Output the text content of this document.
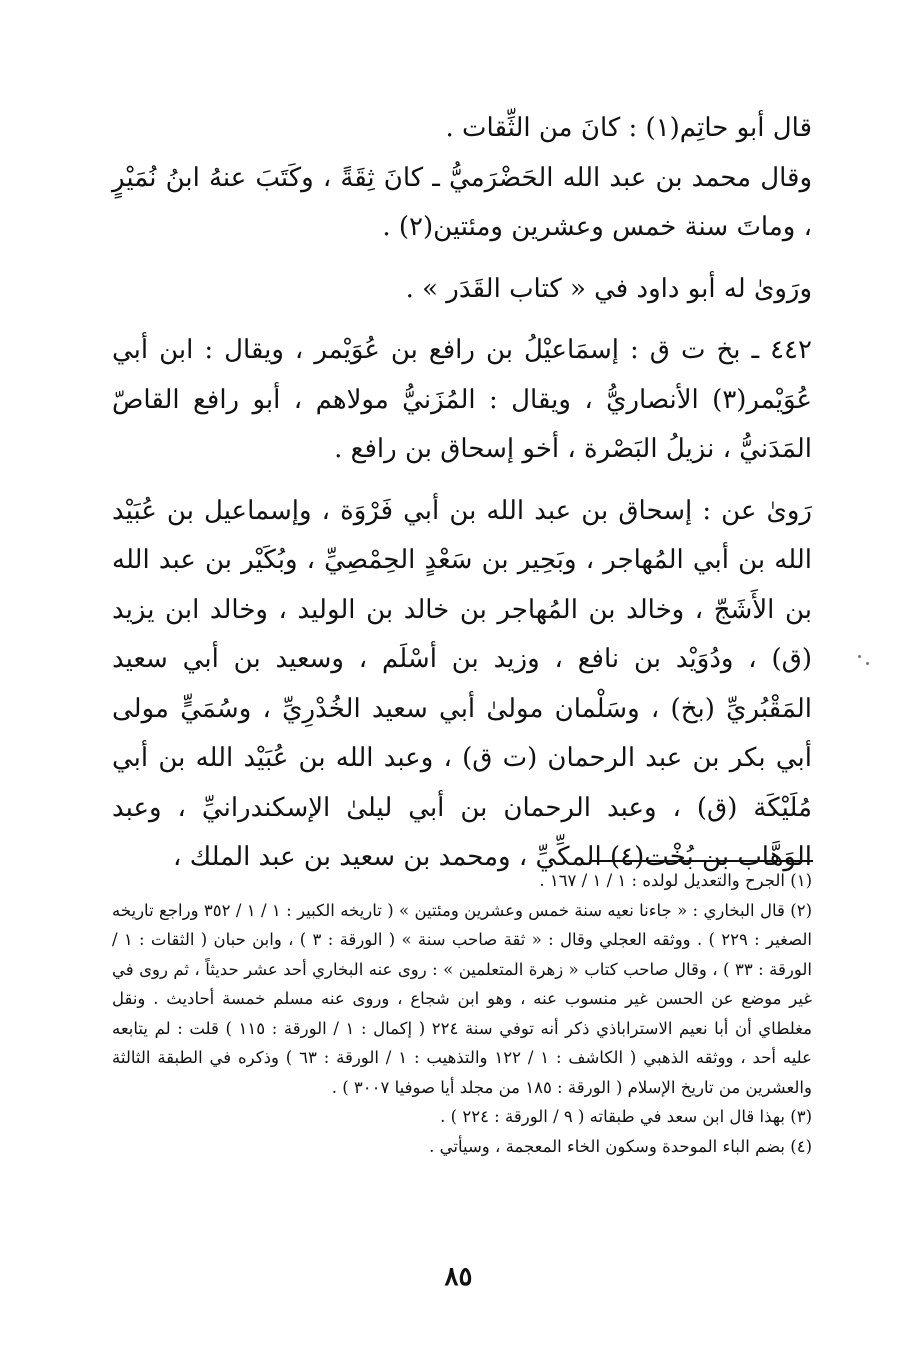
قال أبو حاتِم(١) : كانَ من الثِّقات .

وقال محمد بن عبد الله الحَضْرَميُّ ـ كانَ ثِقَةً ، وكَتَبَ عنهُ ابنُ نُمَيْرٍ ، وماتَ سنة خمس وعشرين ومئتين(٢) .

ورَوىٰ له أبو داود في « كتاب القَدَر » .

٤٤٢ ـ بخ ت ق : إسمَاعيْلُ بن رافع بن عُوَيْمر ، ويقال : ابن أبي عُوَيْمر(٣) الأنصاريُّ ، ويقال : المُزَنيُّ مولاهم ، أبو رافع القاصّ المَدَنيُّ ، نزيلُ البَصْرة ، أخو إسحاق بن رافع .

رَوىٰ عن : إسحاق بن عبد الله بن أبي فَرْوَة ، وإسماعيل بن عُبَيْد الله بن أبي المُهاجر ، وبَحِير بن سَعْدٍ الحِمْصِيِّ ، وبُكَيْر بن عبد الله بن الأَشَجّ ، وخالد بن المُهاجر بن خالد بن الوليد ، وخالد ابن يزيد (ق) ، ودُوَيْد بن نافع ، وزيد بن أسْلَم ، وسعيد بن أبي سعيد المَقْبُريِّ (بخ) ، وسَلْمان مولىٰ أبي سعيد الخُدْرِيِّ ، وسُمَيٍّ مولى أبي بكر بن عبد الرحمان (ت ق) ، وعبد الله بن عُبَيْد الله بن أبي مُلَيْكَة (ق) ، وعبد الرحمان بن أبي ليلىٰ الإسكندرانيِّ ، وعبد الوَهَّاب بن بُخْت(٤) المكِّيِّ ، ومحمد بن سعيد بن عبد الملك ،

(١) الجرح والتعديل لولده : ١ / ١ / ١٦٧ .

(٢) قال البخاري : « جاءنا نعيه سنة خمس وعشرين ومئتين » ( تاريخه الكبير : ١ / ١ / ٣٥٢ وراجع تاريخه الصغير : ٢٢٩ ) . ووثقه العجلي وقال : « ثقة صاحب سنة » ( الورقة : ٣ ) ، وابن حبان ( الثقات : ١ / الورقة : ٣٣ ) ، وقال صاحب كتاب « زهرة المتعلمين » : روى عنه البخاري أحد عشر حديثاً ، ثم روى في غير موضع عن الحسن غير منسوب عنه ، وهو ابن شجاع ، وروى عنه مسلم خمسة أحاديث . ونقل مغلطاي أن أبا نعيم الاستراباذي ذكر أنه توفي سنة ٢٢٤ ( إكمال : ١ / الورقة : ١١٥ ) قلت : لم يتابعه عليه أحد ، ووثقه الذهبي ( الكاشف : ١ / ١٢٢ والتذهيب : ١ / الورقة : ٦٣ ) وذكره في الطبقة الثالثة والعشرين من تاريخ الإسلام ( الورقة : ١٨٥ من مجلد أيا صوفيا ٣٠٠٧ ) .

(٣) بهذا قال ابن سعد في طبقاته ( ٩ / الورقة : ٢٢٤ ) .

(٤) بضم الباء الموحدة وسكون الخاء المعجمة ، وسيأتي .

٨٥
